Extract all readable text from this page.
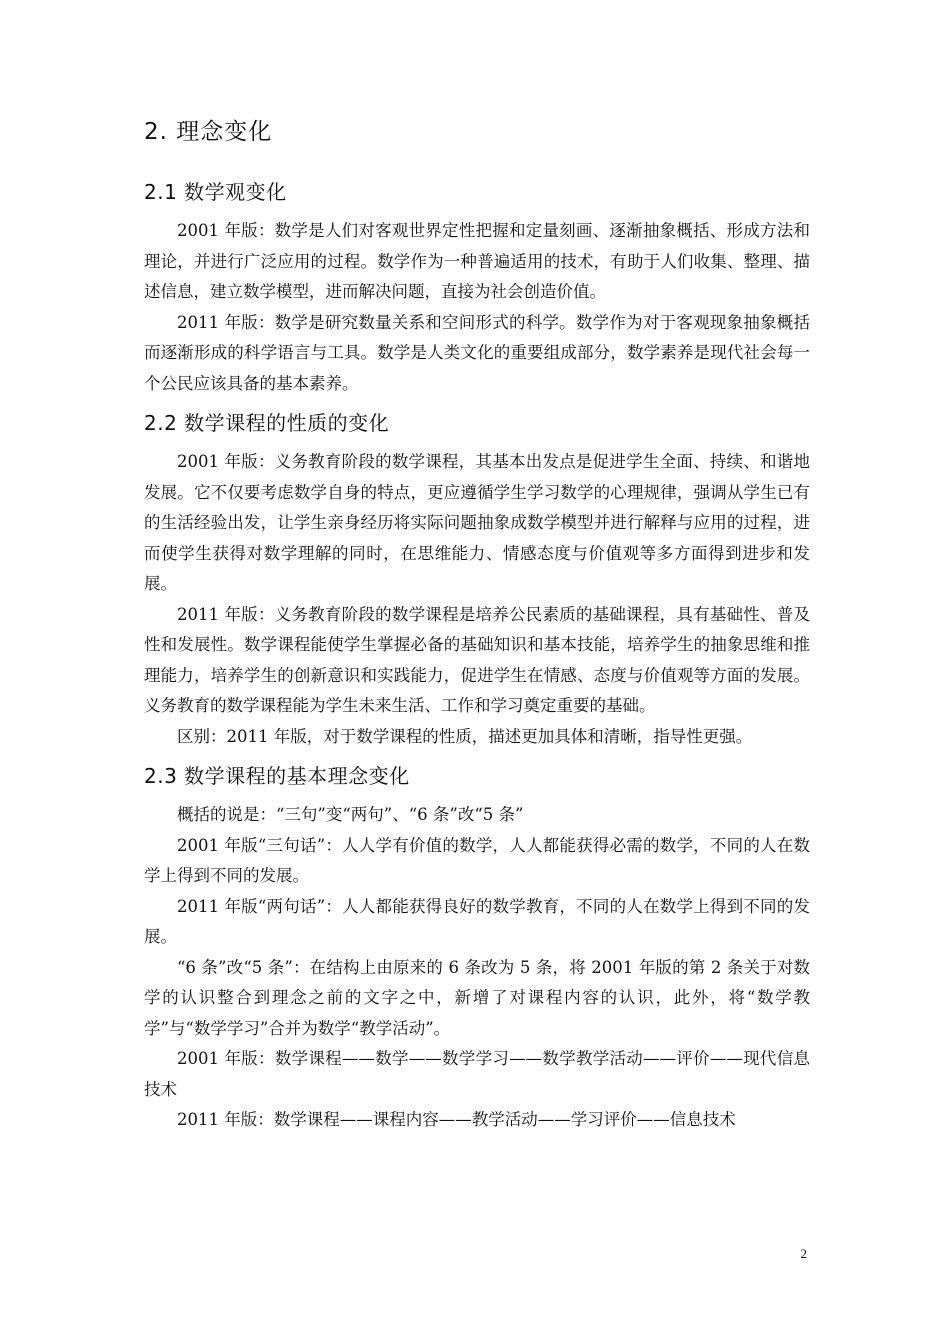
2. 理念变化
2.1 数学观变化

2001 年版：数学是人们对客观世界定性把握和定量刻画、逐渐抽象概括、形成方法和理论，并进行广泛应用的过程。数学作为一种普遍适用的技术，有助于人们收集、整理、描述信息，建立数学模型，进而解决问题，直接为社会创造价值。

2011 年版：数学是研究数量关系和空间形式的科学。数学作为对于客观现象抽象概括而逐渐形成的科学语言与工具。数学是人类文化的重要组成部分，数学素养是现代社会每一个公民应该具备的基本素养。

2.2 数学课程的性质的变化

2001 年版：义务教育阶段的数学课程，其基本出发点是促进学生全面、持续、和谐地发展。它不仅要考虑数学自身的特点，更应遵循学生学习数学的心理规律，强调从学生已有的生活经验出发，让学生亲身经历将实际问题抽象成数学模型并进行解释与应用的过程，进而使学生获得对数学理解的同时，在思维能力、情感态度与价值观等多方面得到进步和发展。

2011 年版：义务教育阶段的数学课程是培养公民素质的基础课程，具有基础性、普及性和发展性。数学课程能使学生掌握必备的基础知识和基本技能，培养学生的抽象思维和推理能力，培养学生的创新意识和实践能力，促进学生在情感、态度与价值观等方面的发展。义务教育的数学课程能为学生未来生活、工作和学习奠定重要的基础。

区别：2011 年版，对于数学课程的性质，描述更加具体和清晰，指导性更强。

2.3 数学课程的基本理念变化

概括的说是：“三句”变“两句”、“6 条”改“5 条”

2001 年版“三句话”：人人学有价值的数学，人人都能获得必需的数学，不同的人在数学上得到不同的发展。

2011 年版“两句话”：人人都能获得良好的数学教育，不同的人在数学上得到不同的发展。

“6 条”改“5 条”：在结构上由原来的 6 条改为 5 条，将 2001 年版的第 2 条关于对数学的认识整合到理念之前的文字之中，新增了对课程内容的认识，此外，将“数学教学”与“数学学习”合并为数学“教学活动”。

2001 年版：数学课程——数学——数学学习——数学教学活动——评价——现代信息技术

2011 年版：数学课程——课程内容——教学活动——学习评价——信息技术

2
